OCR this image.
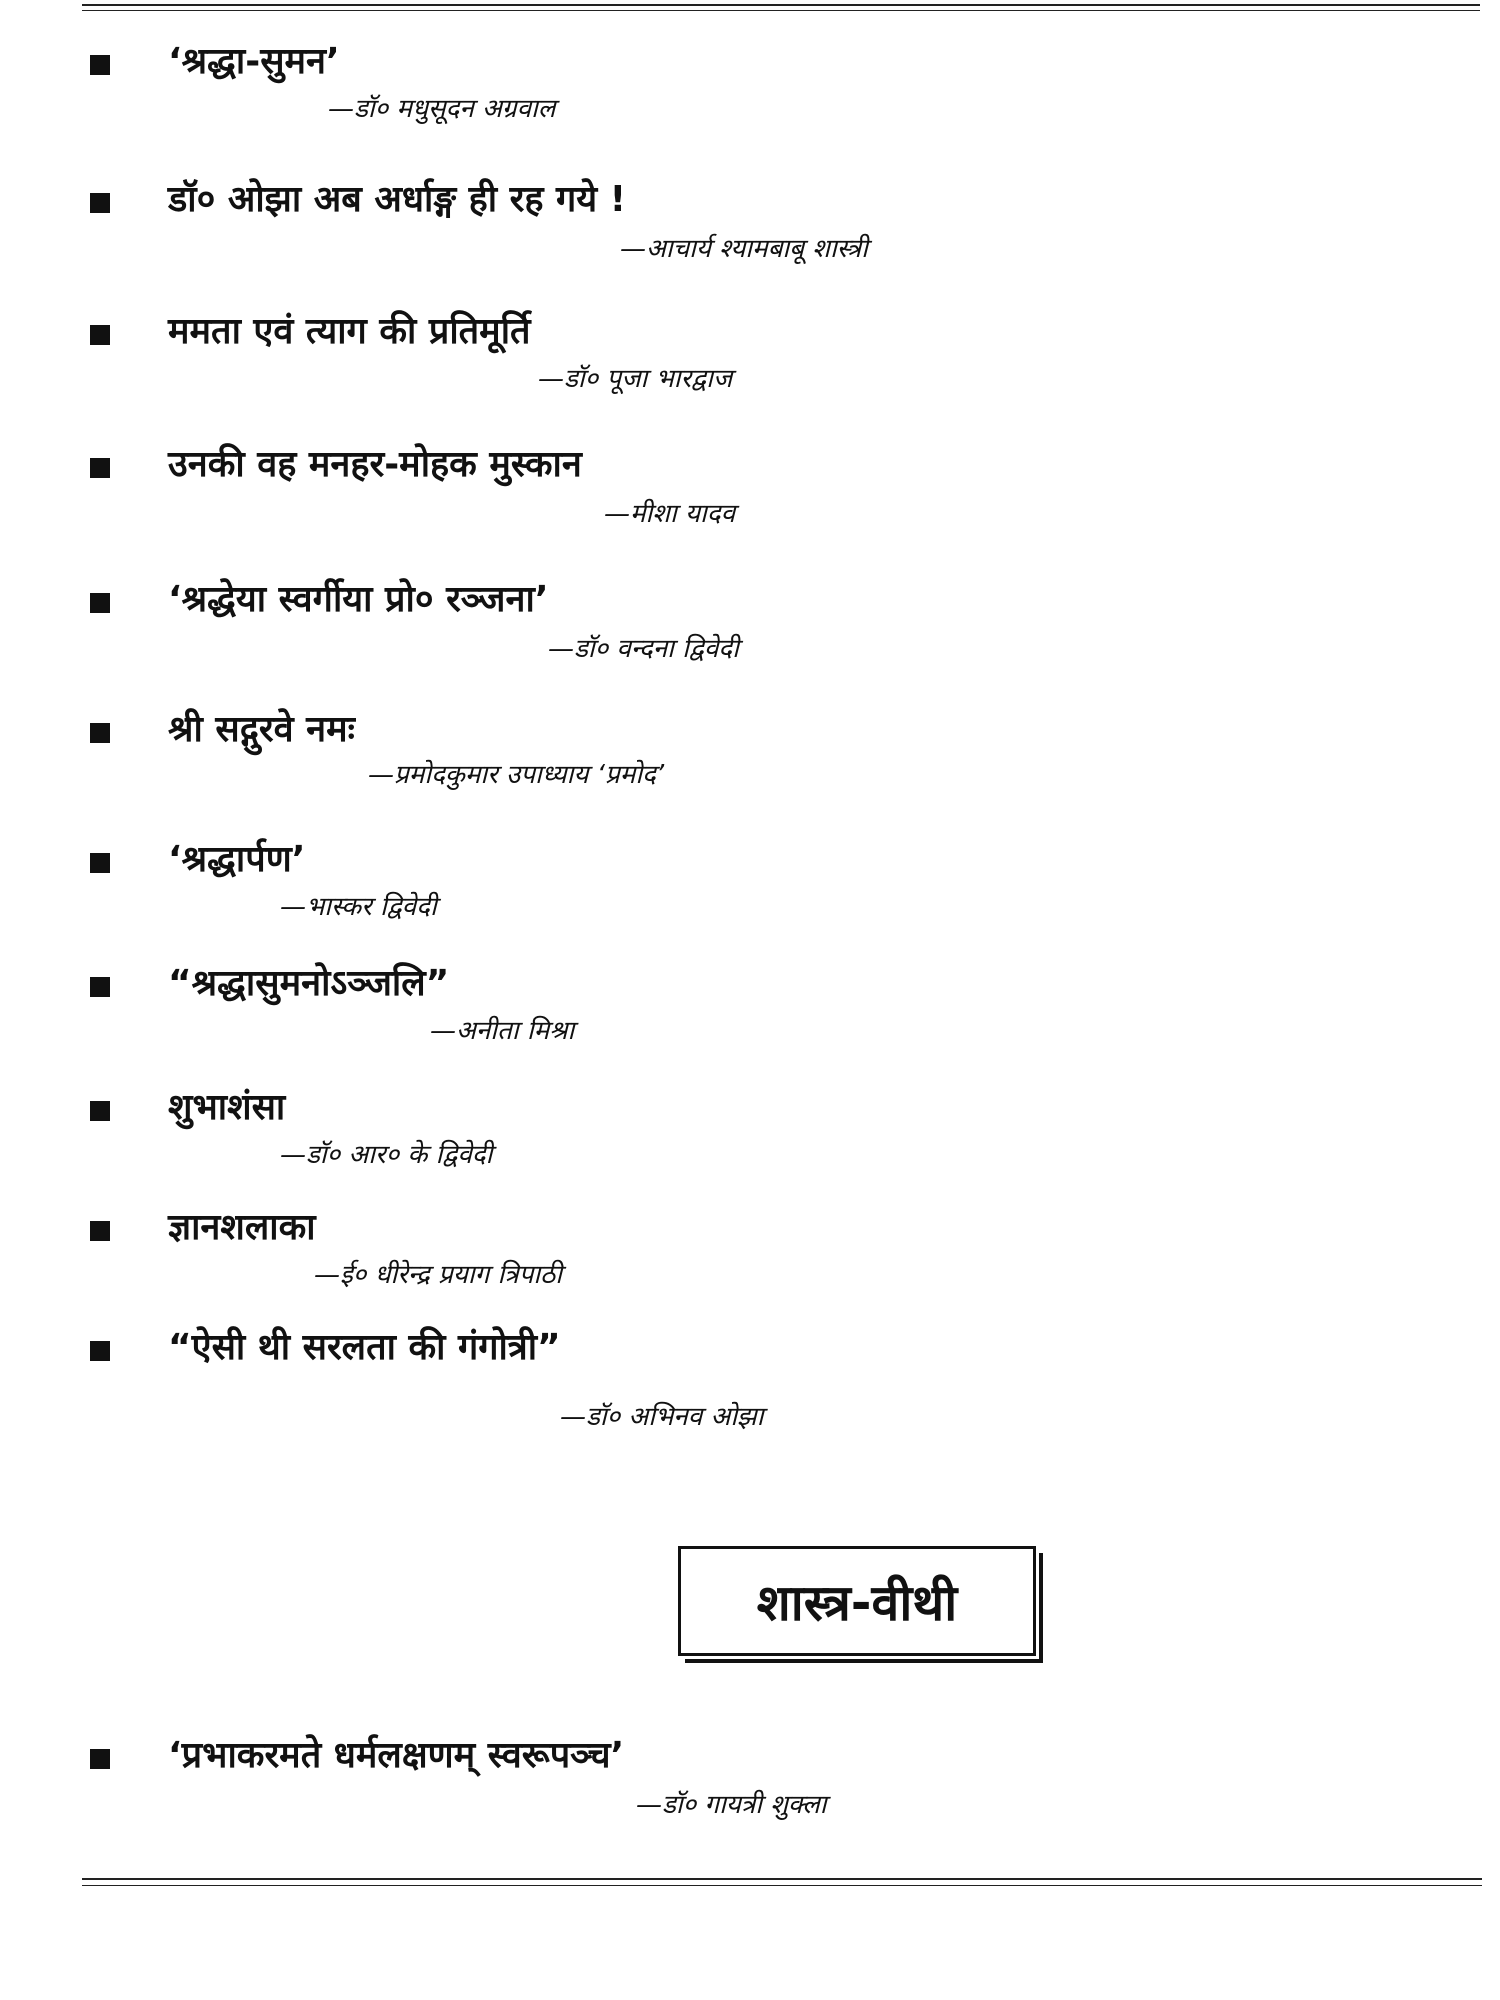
‘श्रद्धा-सुमन’
—डॉ० मधुसूदन अग्रवाल
डॉ० ओझा अब अर्धाङ्ग ही रह गये !
—आचार्य श्यामबाबू शास्त्री
ममता एवं त्याग की प्रतिमूर्ति
—डॉ० पूजा भारद्वाज
उनकी वह मनहर-मोहक मुस्कान
—मीशा यादव
‘श्रद्धेया स्वर्गीया प्रो० रञ्जना’
—डॉ० वन्दना द्विवेदी
श्री सद्गुरवे नमः
—प्रमोदकुमार उपाध्याय ‘प्रमोद’
‘श्रद्धार्पण’
—भास्कर द्विवेदी
“श्रद्धासुमनोऽञ्जलि”
—अनीता मिश्रा
शुभाशंसा
—डॉ० आर० के द्विवेदी
ज्ञानशलाका
—ई० धीरेन्द्र प्रयाग त्रिपाठी
“ऐसी थी सरलता की गंगोत्री”
—डॉ० अभिनव ओझा
शास्त्र-वीथी
‘प्रभाकरमते धर्मलक्षणम् स्वरूपञ्च’
—डॉ० गायत्री शुक्ला
